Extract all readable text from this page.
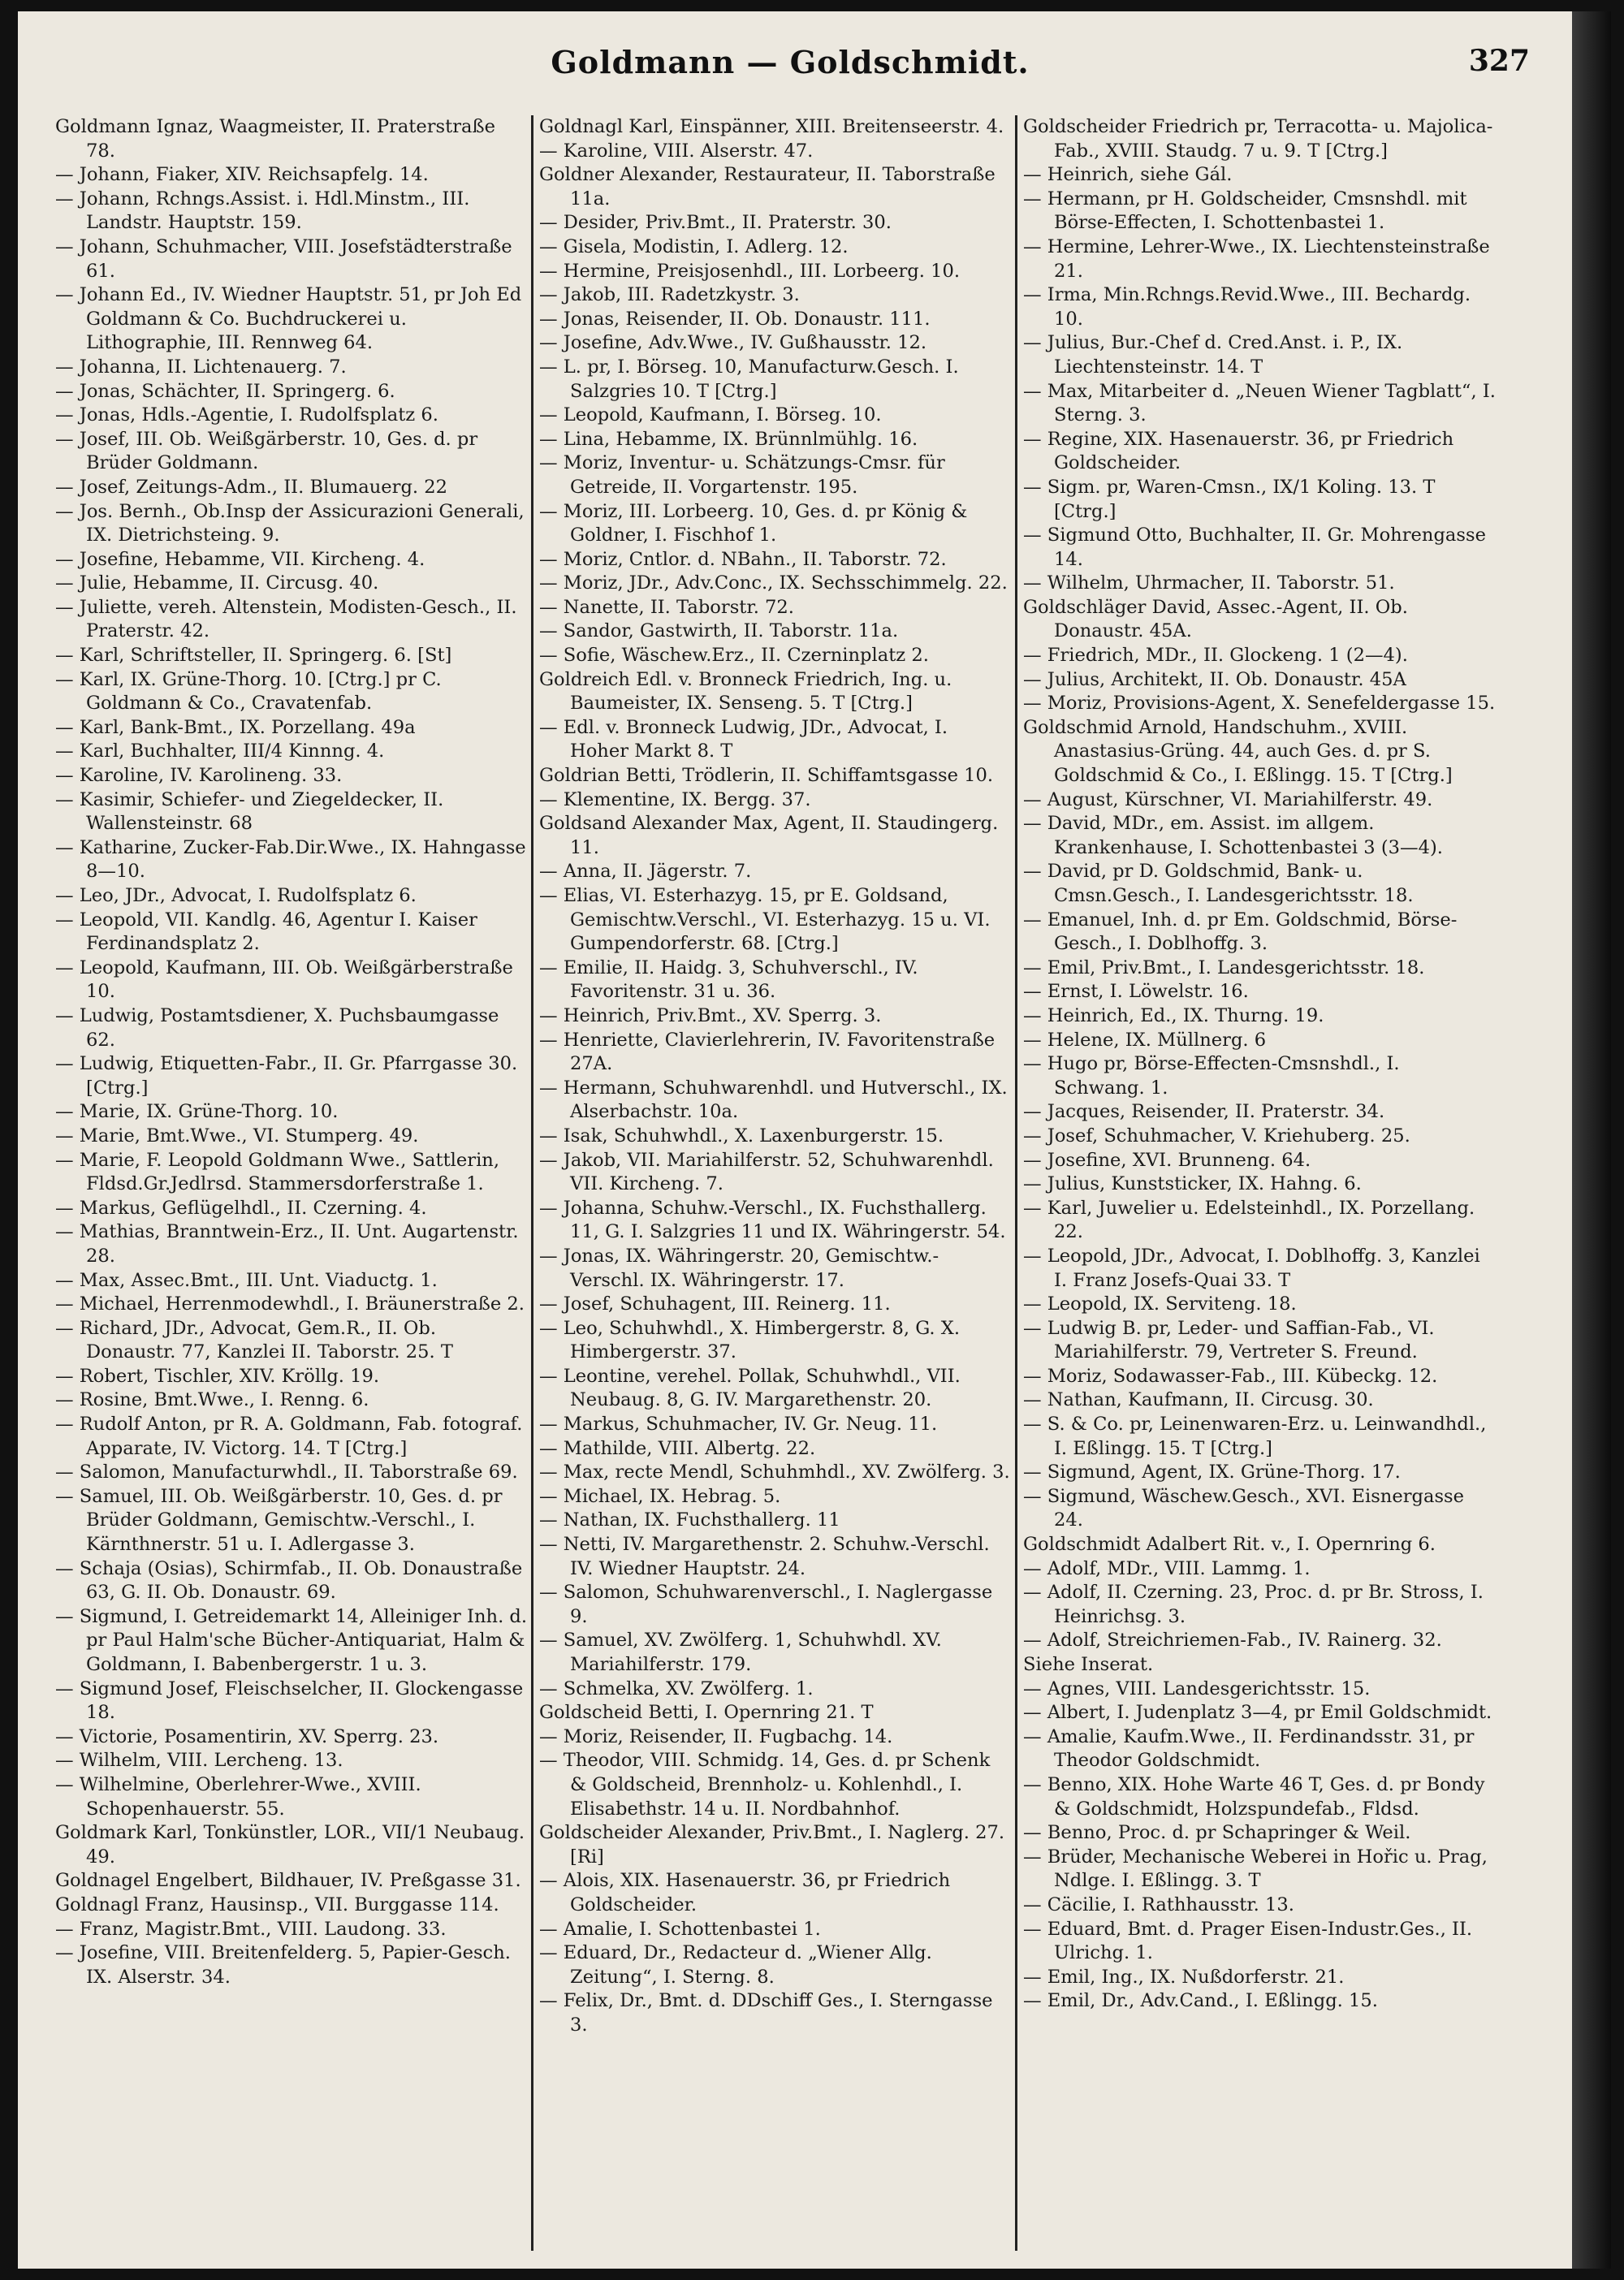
Goldmann — Goldschmidt.	327

Goldmann Ignaz, Waagmeister, II. Praterstraße 78.

— Johann, Fiaker, XIV. Reichsapfelg. 14.

— Johann, Rchngs.Assist. i. Hdl.Minstm., III. Landstr. Hauptstr. 159.

— Johann, Schuhmacher, VIII. Josefstädterstraße 61.

— Johann Ed., IV. Wiedner Hauptstr. 51, pr Joh Ed Goldmann & Co. Buchdruckerei u. Lithographie, III. Rennweg 64.

— Johanna, II. Lichtenauerg. 7.

— Jonas, Schächter, II. Springerg. 6.

— Jonas, Hdls.-Agentie, I. Rudolfsplatz 6.

— Josef, III. Ob. Weißgärberstr. 10, Ges. d. pr Brüder Goldmann.

— Josef, Zeitungs-Adm., II. Blumauerg. 22

— Jos. Bernh., Ob.Insp der Assicurazioni Generali, IX. Dietrichsteing. 9.

— Josefine, Hebamme, VII. Kircheng. 4.

— Julie, Hebamme, II. Circusg. 40.

— Juliette, vereh. Altenstein, Modisten-Gesch., II. Praterstr. 42.

— Karl, Schriftsteller, II. Springerg. 6. [St]

— Karl, IX. Grüne-Thorg. 10. [Ctrg.] pr C. Goldmann & Co., Cravatenfab.

— Karl, Bank-Bmt., IX. Porzellang. 49a

— Karl, Buchhalter, III/4 Kinnng. 4.

— Karoline, IV. Karolineng. 33.

— Kasimir, Schiefer- und Ziegeldecker, II. Wallensteinstr. 68

— Katharine, Zucker-Fab.Dir.Wwe., IX. Hahngasse 8—10.

— Leo, JDr., Advocat, I. Rudolfsplatz 6.

— Leopold, VII. Kandlg. 46, Agentur I. Kaiser Ferdinandsplatz 2.

— Leopold, Kaufmann, III. Ob. Weißgärberstraße 10.

— Ludwig, Postamtsdiener, X. Puchsbaumgasse 62.

— Ludwig, Etiquetten-Fabr., II. Gr. Pfarrgasse 30. [Ctrg.]

— Marie, IX. Grüne-Thorg. 10.

— Marie, Bmt.Wwe., VI. Stumperg. 49.

— Marie, F. Leopold Goldmann Wwe., Sattlerin, Fldsd.Gr.Jedlrsd. Stammersdorferstraße 1.

— Markus, Geflügelhdl., II. Czerning. 4.

— Mathias, Branntwein-Erz., II. Unt. Augartenstr. 28.

— Max, Assec.Bmt., III. Unt. Viaductg. 1.

— Michael, Herrenmodewhdl., I. Bräunerstraße 2.

— Richard, JDr., Advocat, Gem.R., II. Ob. Donaustr. 77, Kanzlei II. Taborstr. 25. T

— Robert, Tischler, XIV. Kröllg. 19.

— Rosine, Bmt.Wwe., I. Renng. 6.

— Rudolf Anton, pr R. A. Goldmann, Fab. fotograf. Apparate, IV. Victorg. 14. T [Ctrg.]

— Salomon, Manufacturwhdl., II. Taborstraße 69.

— Samuel, III. Ob. Weißgärberstr. 10, Ges. d. pr Brüder Goldmann, Gemischtw.-Verschl., I. Kärnthnerstr. 51 u. I. Adlergasse 3.

— Schaja (Osias), Schirmfab., II. Ob. Donaustraße 63, G. II. Ob. Donaustr. 69.

— Sigmund, I. Getreidemarkt 14, Alleiniger Inh. d. pr Paul Halm'sche Bücher-Antiquariat, Halm & Goldmann, I. Babenbergerstr. 1 u. 3.

— Sigmund Josef, Fleischselcher, II. Glockengasse 18.

— Victorie, Posamentirin, XV. Sperrg. 23.

— Wilhelm, VIII. Lercheng. 13.

— Wilhelmine, Oberlehrer-Wwe., XVIII. Schopenhauerstr. 55.

Goldmark Karl, Tonkünstler, LOR., VII/1 Neubaug. 49.

Goldnagel Engelbert, Bildhauer, IV. Preßgasse 31.

Goldnagl Franz, Hausinsp., VII. Burggasse 114.

— Franz, Magistr.Bmt., VIII. Laudong. 33.

— Josefine, VIII. Breitenfelderg. 5, Papier-Gesch. IX. Alserstr. 34.

Goldnagl Karl, Einspänner, XIII. Breitenseerstr. 4.

— Karoline, VIII. Alserstr. 47.

Goldner Alexander, Restaurateur, II. Taborstraße 11a.

— Desider, Priv.Bmt., II. Praterstr. 30.

— Gisela, Modistin, I. Adlerg. 12.

— Hermine, Preisjosenhdl., III. Lorbeerg. 10.

— Jakob, III. Radetzkystr. 3.

— Jonas, Reisender, II. Ob. Donaustr. 111.

— Josefine, Adv.Wwe., IV. Gußhausstr. 12.

— L. pr, I. Börseg. 10, Manufacturw.Gesch. I. Salzgries 10. T [Ctrg.]

— Leopold, Kaufmann, I. Börseg. 10.

— Lina, Hebamme, IX. Brünnlmühlg. 16.

— Moriz, Inventur- u. Schätzungs-Cmsr. für Getreide, II. Vorgartenstr. 195.

— Moriz, III. Lorbeerg. 10, Ges. d. pr König & Goldner, I. Fischhof 1.

— Moriz, Cntlor. d. NBahn., II. Taborstr. 72.

— Moriz, JDr., Adv.Conc., IX. Sechsschimmelg. 22.

— Nanette, II. Taborstr. 72.

— Sandor, Gastwirth, II. Taborstr. 11a.

— Sofie, Wäschew.Erz., II. Czerninplatz 2.

Goldreich Edl. v. Bronneck Friedrich, Ing. u. Baumeister, IX. Senseng. 5. T [Ctrg.]

— Edl. v. Bronneck Ludwig, JDr., Advocat, I. Hoher Markt 8. T

Goldrian Betti, Trödlerin, II. Schiffamtsgasse 10.

— Klementine, IX. Bergg. 37.

Goldsand Alexander Max, Agent, II. Staudingerg. 11.

— Anna, II. Jägerstr. 7.

— Elias, VI. Esterhazyg. 15, pr E. Goldsand, Gemischtw.Verschl., VI. Esterhazyg. 15 u. VI. Gumpendorferstr. 68. [Ctrg.]

— Emilie, II. Haidg. 3, Schuhverschl., IV. Favoritenstr. 31 u. 36.

— Heinrich, Priv.Bmt., XV. Sperrg. 3.

— Henriette, Clavierlehrerin, IV. Favoritenstraße 27A.

— Hermann, Schuhwarenhdl. und Hutverschl., IX. Alserbachstr. 10a.

— Isak, Schuhwhdl., X. Laxenburgerstr. 15.

— Jakob, VII. Mariahilferstr. 52, Schuhwarenhdl. VII. Kircheng. 7.

— Johanna, Schuhw.-Verschl., IX. Fuchsthallerg. 11, G. I. Salzgries 11 und IX. Währingerstr. 54.

— Jonas, IX. Währingerstr. 20, Gemischtw.-Verschl. IX. Währingerstr. 17.

— Josef, Schuhagent, III. Reinerg. 11.

— Leo, Schuhwhdl., X. Himbergerstr. 8, G. X. Himbergerstr. 37.

— Leontine, verehel. Pollak, Schuhwhdl., VII. Neubaug. 8, G. IV. Margarethenstr. 20.

— Markus, Schuhmacher, IV. Gr. Neug. 11.

— Mathilde, VIII. Albertg. 22.

— Max, recte Mendl, Schuhmhdl., XV. Zwölferg. 3.

— Michael, IX. Hebrag. 5.

— Nathan, IX. Fuchsthallerg. 11

— Netti, IV. Margarethenstr. 2. Schuhw.-Verschl. IV. Wiedner Hauptstr. 24.

— Salomon, Schuhwarenverschl., I. Naglergasse 9.

— Samuel, XV. Zwölferg. 1, Schuhwhdl. XV. Mariahilferstr. 179.

— Schmelka, XV. Zwölferg. 1.

Goldscheid Betti, I. Opernring 21. T

— Moriz, Reisender, II. Fugbachg. 14.

— Theodor, VIII. Schmidg. 14, Ges. d. pr Schenk & Goldscheid, Brennholz- u. Kohlenhdl., I. Elisabethstr. 14 u. II. Nordbahnhof.

Goldscheider Alexander, Priv.Bmt., I. Naglerg. 27. [Ri]

— Alois, XIX. Hasenauerstr. 36, pr Friedrich Goldscheider.

— Amalie, I. Schottenbastei 1.

— Eduard, Dr., Redacteur d. „Wiener Allg. Zeitung“, I. Sterng. 8.

— Felix, Dr., Bmt. d. DDschiff Ges., I. Sterngasse 3.

Goldscheider Friedrich pr, Terracotta- u. Majolica-Fab., XVIII. Staudg. 7 u. 9. T [Ctrg.]

— Heinrich, siehe Gál.

— Hermann, pr H. Goldscheider, Cmsnshdl. mit Börse-Effecten, I. Schottenbastei 1.

— Hermine, Lehrer-Wwe., IX. Liechtensteinstraße 21.

— Irma, Min.Rchngs.Revid.Wwe., III. Bechardg. 10.

— Julius, Bur.-Chef d. Cred.Anst. i. P., IX. Liechtensteinstr. 14. T

— Max, Mitarbeiter d. „Neuen Wiener Tagblatt“, I. Sterng. 3.

— Regine, XIX. Hasenauerstr. 36, pr Friedrich Goldscheider.

— Sigm. pr, Waren-Cmsn., IX/1 Koling. 13. T [Ctrg.]

— Sigmund Otto, Buchhalter, II. Gr. Mohrengasse 14.

— Wilhelm, Uhrmacher, II. Taborstr. 51.

Goldschläger David, Assec.-Agent, II. Ob. Donaustr. 45A.

— Friedrich, MDr., II. Glockeng. 1 (2—4).

— Julius, Architekt, II. Ob. Donaustr. 45A

— Moriz, Provisions-Agent, X. Senefeldergasse 15.

Goldschmid Arnold, Handschuhm., XVIII. Anastasius-Grüng. 44, auch Ges. d. pr S. Goldschmid & Co., I. Eßlingg. 15. T [Ctrg.]

— August, Kürschner, VI. Mariahilferstr. 49.

— David, MDr., em. Assist. im allgem. Krankenhause, I. Schottenbastei 3 (3—4).

— David, pr D. Goldschmid, Bank- u. Cmsn.Gesch., I. Landesgerichtsstr. 18.

— Emanuel, Inh. d. pr Em. Goldschmid, Börse-Gesch., I. Doblhoffg. 3.

— Emil, Priv.Bmt., I. Landesgerichtsstr. 18.

— Ernst, I. Löwelstr. 16.

— Heinrich, Ed., IX. Thurng. 19.

— Helene, IX. Müllnerg. 6

— Hugo pr, Börse-Effecten-Cmsnshdl., I. Schwang. 1.

— Jacques, Reisender, II. Praterstr. 34.

— Josef, Schuhmacher, V. Kriehuberg. 25.

— Josefine, XVI. Brunneng. 64.

— Julius, Kunststicker, IX. Hahng. 6.

— Karl, Juwelier u. Edelsteinhdl., IX. Porzellang. 22.

— Leopold, JDr., Advocat, I. Doblhoffg. 3, Kanzlei I. Franz Josefs-Quai 33. T

— Leopold, IX. Serviteng. 18.

— Ludwig B. pr, Leder- und Saffian-Fab., VI. Mariahilferstr. 79, Vertreter S. Freund.

— Moriz, Sodawasser-Fab., III. Kübeckg. 12.

— Nathan, Kaufmann, II. Circusg. 30.

— S. & Co. pr, Leinenwaren-Erz. u. Leinwandhdl., I. Eßlingg. 15. T [Ctrg.]

— Sigmund, Agent, IX. Grüne-Thorg. 17.

— Sigmund, Wäschew.Gesch., XVI. Eisnergasse 24.

Goldschmidt Adalbert Rit. v., I. Opernring 6.

— Adolf, MDr., VIII. Lammg. 1.

— Adolf, II. Czerning. 23, Proc. d. pr Br. Stross, I. Heinrichsg. 3.

— Adolf, Streichriemen-Fab., IV. Rainerg. 32.

Siehe Inserat.

— Agnes, VIII. Landesgerichtsstr. 15.

— Albert, I. Judenplatz 3—4, pr Emil Goldschmidt.

— Amalie, Kaufm.Wwe., II. Ferdinandsstr. 31, pr Theodor Goldschmidt.

— Benno, XIX. Hohe Warte 46 T, Ges. d. pr Bondy & Goldschmidt, Holzspundefab., Fldsd.

— Benno, Proc. d. pr Schapringer & Weil.

— Brüder, Mechanische Weberei in Hořic u. Prag, Ndlge. I. Eßlingg. 3. T

— Cäcilie, I. Rathhausstr. 13.

— Eduard, Bmt. d. Prager Eisen-Industr.Ges., II. Ulrichg. 1.

— Emil, Ing., IX. Nußdorferstr. 21.

— Emil, Dr., Adv.Cand., I. Eßlingg. 15.
